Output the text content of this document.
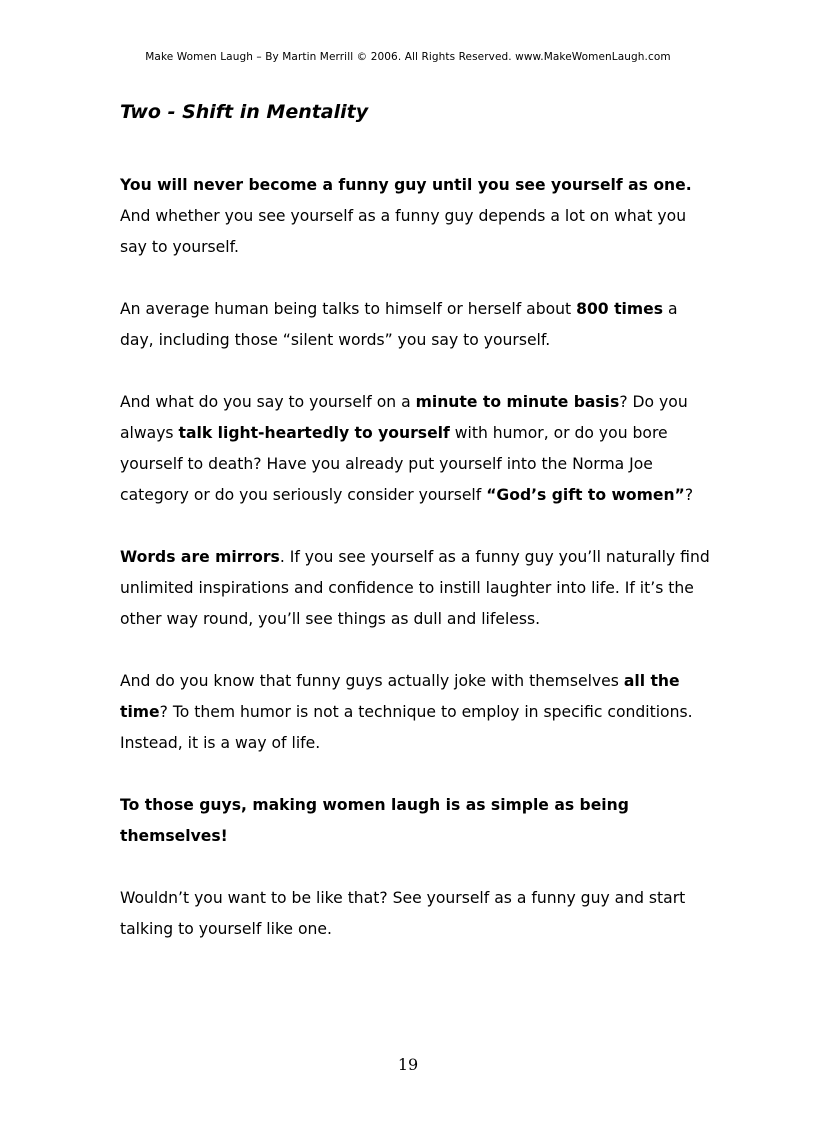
Make Women Laugh – By Martin Merrill © 2006. All Rights Reserved. www.MakeWomenLaugh.com
Two - Shift in Mentality

You will never become a funny guy until you see yourself as one. And whether you see yourself as a funny guy depends a lot on what you say to yourself.

An average human being talks to himself or herself about 800 times a day, including those “silent words” you say to yourself.

And what do you say to yourself on a minute to minute basis? Do you always talk light-heartedly to yourself with humor, or do you bore yourself to death? Have you already put yourself into the Norma Joe category or do you seriously consider yourself “God’s gift to women”?

Words are mirrors. If you see yourself as a funny guy you’ll naturally find unlimited inspirations and confidence to instill laughter into life. If it’s the other way round, you’ll see things as dull and lifeless.

And do you know that funny guys actually joke with themselves all the time? To them humor is not a technique to employ in specific conditions. Instead, it is a way of life.

To those guys, making women laugh is as simple as being themselves!

Wouldn’t you want to be like that? See yourself as a funny guy and start talking to yourself like one.

19
